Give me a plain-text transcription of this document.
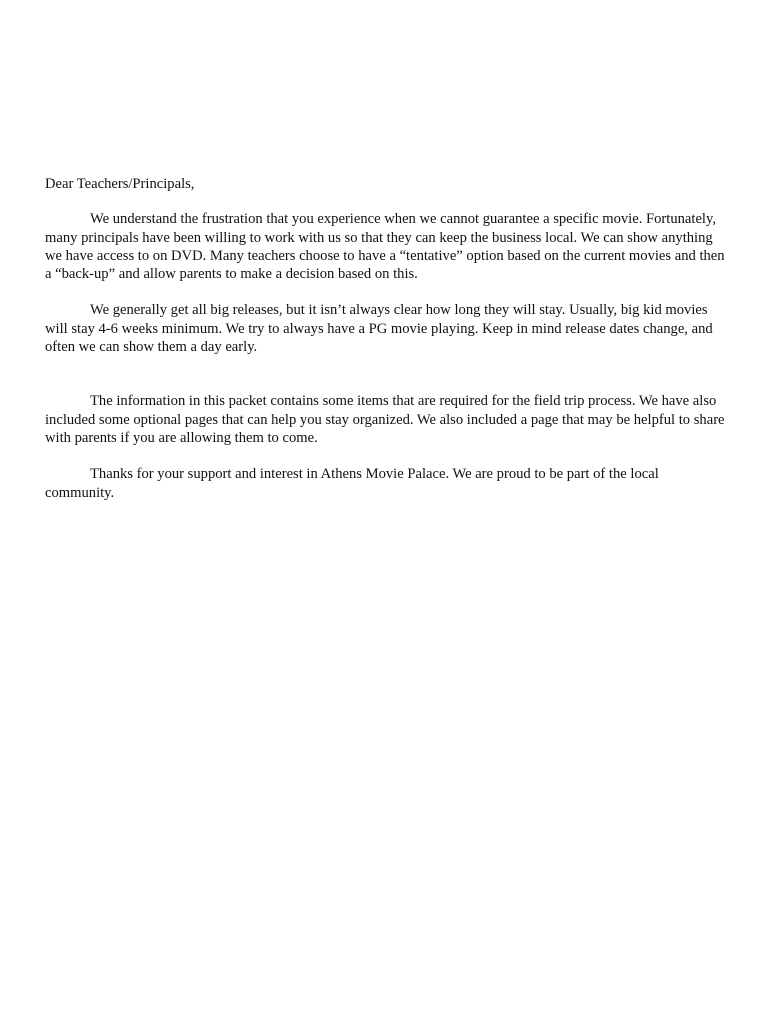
Dear Teachers/Principals,

We understand the frustration that you experience when we cannot guarantee a specific movie. Fortunately, many principals have been willing to work with us so that they can keep the business local. We can show anything we have access to on DVD. Many teachers choose to have a “tentative” option based on the current movies and then a “back-up” and allow parents to make a decision based on this.

We generally get all big releases, but it isn’t always clear how long they will stay. Usually, big kid movies will stay 4-6 weeks minimum. We try to always have a PG movie playing. Keep in mind release dates change, and often we can show them a day early.

The information in this packet contains some items that are required for the field trip process. We have also included some optional pages that can help you stay organized. We also included a page that may be helpful to share with parents if you are allowing them to come.

Thanks for your support and interest in Athens Movie Palace. We are proud to be part of the local community.
